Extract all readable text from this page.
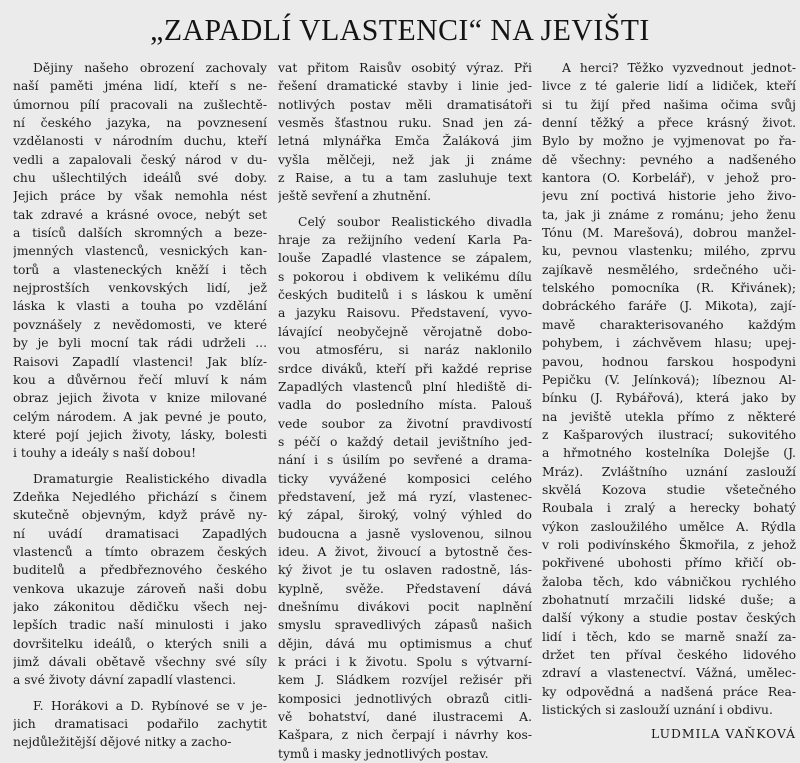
„ZAPADLÍ VLASTENCI“ NA JEVIŠTI
Dějiny našeho obrození zachovaly
naší paměti jména lidí, kteří s ne-
úmornou pílí pracovali na zušlechtě-
ní českého jazyka, na povznesení
vzdělanosti v národním duchu, kteří
vedli a zapalovali český národ v du-
chu ušlechtilých ideálů své doby.
Jejich práce by však nemohla nést
tak zdravé a krásné ovoce, nebýt set
a tisíců dalších skromných a beze-
jmenných vlastenců, vesnických kan-
torů a vlasteneckých kněží i těch
nejprostších venkovských lidí, jež
láska k vlasti a touha po vzdělání
povznášely z nevědomosti, ve které
by je byli mocní tak rádi udrželi ...
Raisovi Zapadlí vlastenci! Jak blíz-
kou a důvěrnou řečí mluví k nám
obraz jejich života v knize milované
celým národem. A jak pevné je pouto,
které pojí jejich životy, lásky, bolesti
i touhy a ideály s naší dobou!
Dramaturgie Realistického divadla
Zdeňka Nejedlého přichází s činem
skutečně objevným, když právě ny-
ní uvádí dramatisaci Zapadlých
vlastenců a tímto obrazem českých
buditelů a předbřeznového českého
venkova ukazuje zároveň naši dobu
jako zákonitou dědičku všech nej-
lepších tradic naší minulosti i jako
dovršitelku ideálů, o kterých snili a
jimž dávali obětavě všechny své síly
a své životy dávní zapadlí vlastenci.
F. Horákovi a D. Rybínové se v je-
jich dramatisaci podařilo zachytit
nejdůležitější dějové nitky a zacho-
vat přitom Raisův osobitý výraz. Při
řešení dramatické stavby i linie jed-
notlivých postav měli dramatisátoři
vesměs šťastnou ruku. Snad jen zá-
letná mlynářka Emča Žaláková jim
vyšla mělčeji, než jak ji známe
z Raise, a tu a tam zasluhuje text
ještě sevření a zhutnění.
Celý soubor Realistického divadla
hraje za režijního vedení Karla Pa-
louše Zapadlé vlastence se zápalem,
s pokorou i obdivem k velikému dílu
českých buditelů i s láskou k umění
a jazyku Raisovu. Představení, vyvo-
lávající neobyčejně věrojatně dobo-
vou atmosféru, si naráz naklonilo
srdce diváků, kteří při každé reprise
Zapadlých vlastenců plní hlediště di-
vadla do posledního místa. Palouš
vede soubor za životní pravdivostí
s péčí o každý detail jevištního jed-
nání i s úsilím po sevřené a drama-
ticky vyvážené komposici celého
představení, jež má ryzí, vlastenec-
ký zápal, široký, volný výhled do
budoucna a jasně vyslovenou, silnou
ideu. A život, živoucí a bytostně čes-
ký život je tu oslaven radostně, lás-
kyplně, svěže. Představení dává
dnešnímu divákovi pocit naplnění
smyslu spravedlivých zápasů našich
dějin, dává mu optimismus a chuť
k práci i k životu. Spolu s výtvarní-
kem J. Sládkem rozvíjel režisér při
komposici jednotlivých obrazů citli-
vě bohatství, dané ilustracemi A.
Kašpara, z nich čerpají i návrhy kos-
tymů i masky jednotlivých postav.
A herci? Těžko vyzvednout jednot-
livce z té galerie lidí a lidiček, kteří
si tu žijí před našima očima svůj
denní těžký a přece krásný život.
Bylo by možno je vyjmenovat po řa-
dě všechny: pevného a nadšeného
kantora (O. Korbelář), v jehož pro-
jevu zní poctivá historie jeho živo-
ta, jak ji známe z románu; jeho ženu
Tónu (M. Marešová), dobrou manžel-
ku, pevnou vlastenku; milého, zprvu
zajíkavě nesmělého, srdečného uči-
telského pomocníka (R. Křivánek);
dobráckého faráře (J. Mikota), zají-
mavě charakterisovaného každým
pohybem, i záchvěvem hlasu; upej-
pavou, hodnou farskou hospodyni
Pepičku (V. Jelínková); líbeznou Al-
bínku (J. Rybářová), která jako by
na jeviště utekla přímo z některé
z Kašparových ilustrací; sukovitého
a hřmotného kostelníka Dolejše (J.
Mráz). Zvláštního uznání zaslouží
skvělá Kozova studie všetečného
Roubala i zralý a herecky bohatý
výkon zasloužilého umělce A. Rýdla
v roli podivínského Škmořila, z jehož
pokřivené ubohosti přímo křičí ob-
žaloba těch, kdo vábničkou rychlého
zbohatnutí mrzačili lidské duše; a
další výkony a studie postav českých
lidí i těch, kdo se marně snaží za-
držet ten příval českého lidového
zdraví a vlastenectví. Vážná, umělec-
ky odpovědná a nadšená práce Rea-
listických si zaslouží uznání i obdivu.
LUDMILA VAŇKOVÁ
